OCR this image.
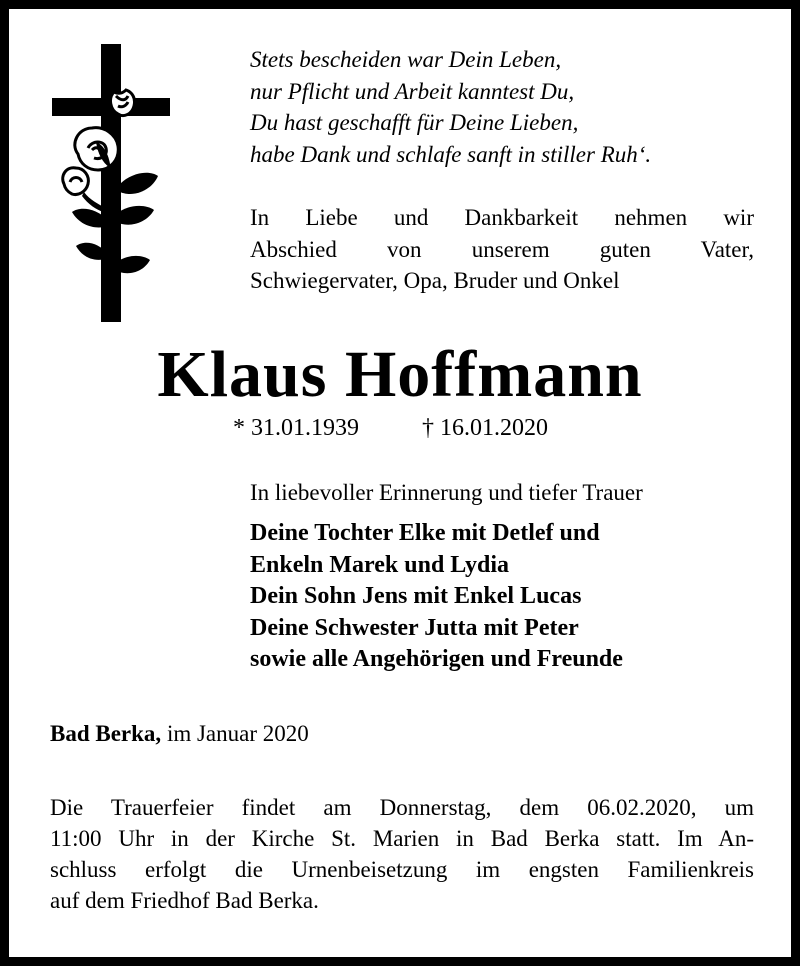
Stets bescheiden war Dein Leben,
nur Pflicht und Arbeit kanntest Du,
Du hast geschafft für Deine Lieben,
habe Dank und schlafe sanft in stiller Ruh‘.
In Liebe und Dankbarkeit nehmen wir
Abschied von unserem guten Vater,
Schwiegervater, Opa, Bruder und Onkel
Klaus Hoffmann
* 31.01.1939	† 16.01.2020
In liebevoller Erinnerung und tiefer Trauer
Deine Tochter Elke mit Detlef und
Enkeln Marek und Lydia
Dein Sohn Jens mit Enkel Lucas
Deine Schwester Jutta mit Peter
sowie alle Angehörigen und Freunde
Bad Berka, im Januar 2020
Die Trauerfeier findet am Donnerstag, dem 06.02.2020, um
11:00 Uhr in der Kirche St. Marien in Bad Berka statt. Im An-
schluss erfolgt die Urnenbeisetzung im engsten Familienkreis
auf dem Friedhof Bad Berka.
